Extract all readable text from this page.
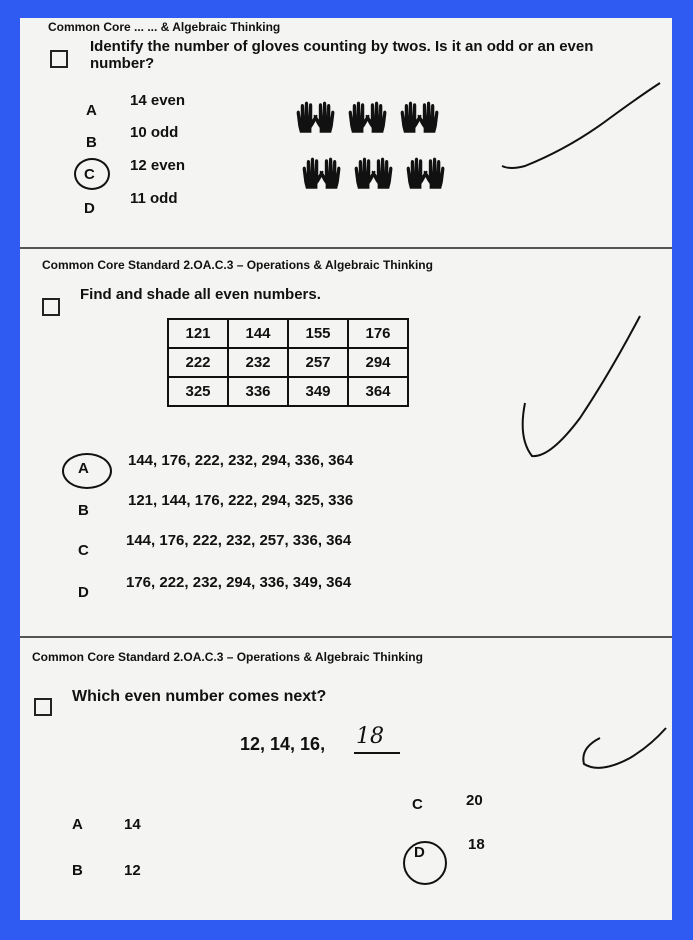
Common Core ... ... & Algebraic Thinking
Identify the number of gloves counting by twos. Is it an odd or an even number?
A
14 even
B
10 odd
C
12 even
D
11 odd
Common Core Standard 2.OA.C.3 – Operations & Algebraic Thinking
Find and shade all even numbers.
121	144	155	176
222	232	257	294
325	336	349	364
A	144, 176, 222, 232, 294, 336, 364
B
121, 144, 176, 222, 294, 325, 336
C
144, 176, 222, 232, 257, 336, 364
D
176, 222, 232, 294, 336, 349, 364
Common Core Standard 2.OA.C.3 – Operations & Algebraic Thinking
Which even number comes next?
12, 14, 16, 18
A	14
B	12
C	20
D	18
